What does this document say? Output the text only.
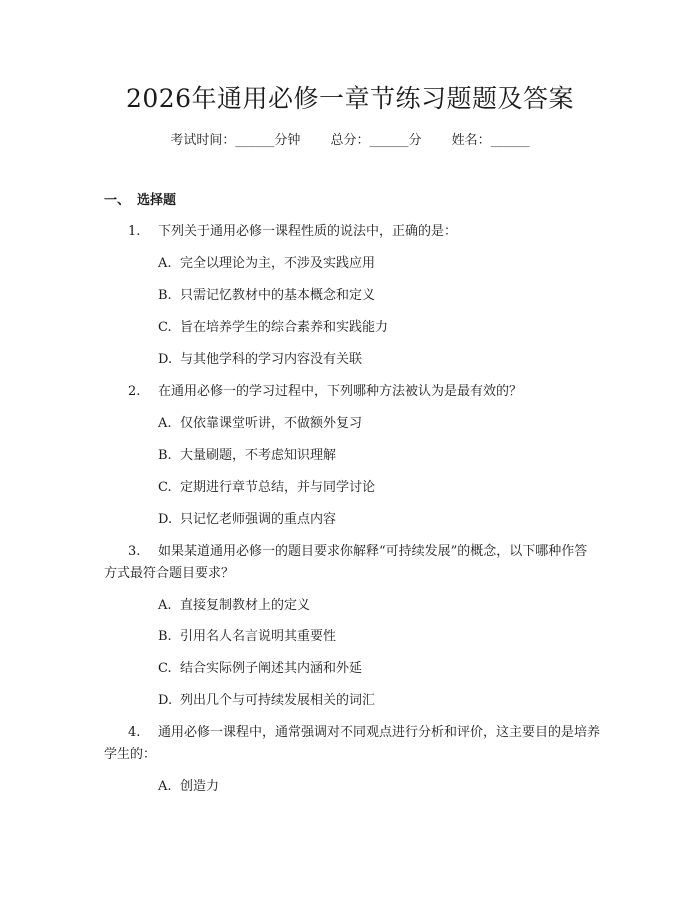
2026年通用必修一章节练习题题及答案
考试时间：______分钟 总分：______分 姓名：______
一、 选择题
1. 下列关于通用必修一课程性质的说法中，正确的是：
A. 完全以理论为主，不涉及实践应用
B. 只需记忆教材中的基本概念和定义
C. 旨在培养学生的综合素养和实践能力
D. 与其他学科的学习内容没有关联
2. 在通用必修一的学习过程中，下列哪种方法被认为是最有效的？
A. 仅依靠课堂听讲，不做额外复习
B. 大量刷题，不考虑知识理解
C. 定期进行章节总结，并与同学讨论
D. 只记忆老师强调的重点内容
3. 如果某道通用必修一的题目要求你解释“可持续发展”的概念，以下哪种作答方式最符合题目要求？
A. 直接复制教材上的定义
B. 引用名人名言说明其重要性
C. 结合实际例子阐述其内涵和外延
D. 列出几个与可持续发展相关的词汇
4. 通用必修一课程中，通常强调对不同观点进行分析和评价，这主要目的是培养学生的：
A. 创造力
